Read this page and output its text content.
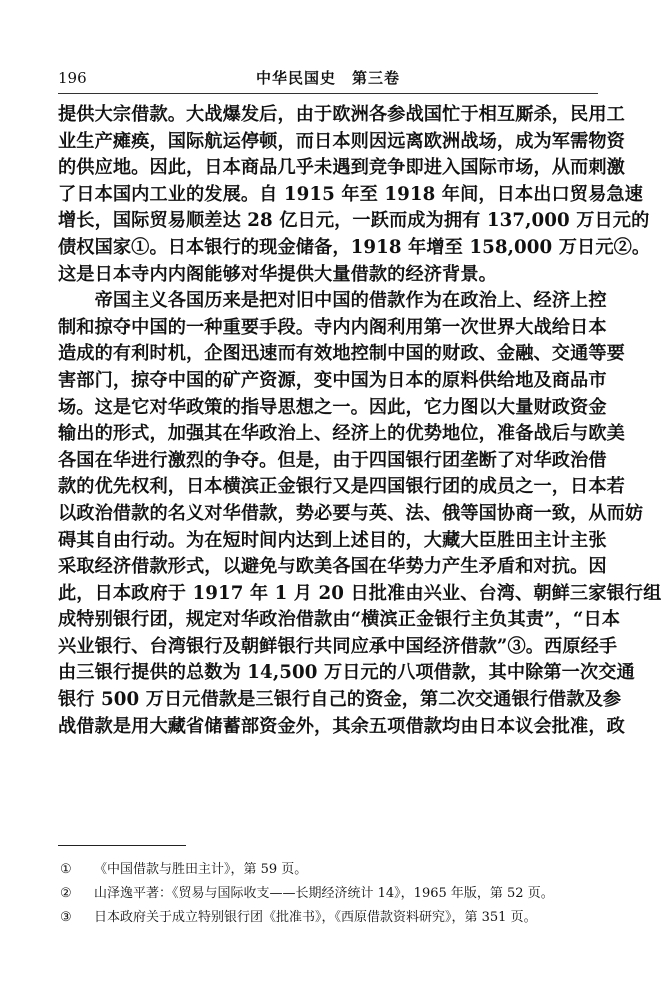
196	中华民国史　第三卷
提供大宗借款。大战爆发后，由于欧洲各参战国忙于相互厮杀，民用工
业生产瘫痪，国际航运停顿，而日本则因远离欧洲战场，成为军需物资
的供应地。因此，日本商品几乎未遇到竞争即进入国际市场，从而刺激
了日本国内工业的发展。自 1915 年至 1918 年间，日本出口贸易急速
增长，国际贸易顺差达 28 亿日元，一跃而成为拥有 137,000 万日元的
债权国家①。日本银行的现金储备，1918 年增至 158,000 万日元②。
这是日本寺内内阁能够对华提供大量借款的经济背景。
　　帝国主义各国历来是把对旧中国的借款作为在政治上、经济上控
制和掠夺中国的一种重要手段。寺内内阁利用第一次世界大战给日本
造成的有利时机，企图迅速而有效地控制中国的财政、金融、交通等要
害部门，掠夺中国的矿产资源，变中国为日本的原料供给地及商品市
场。这是它对华政策的指导思想之一。因此，它力图以大量财政资金
输出的形式，加强其在华政治上、经济上的优势地位，准备战后与欧美
各国在华进行激烈的争夺。但是，由于四国银行团垄断了对华政治借
款的优先权利，日本横滨正金银行又是四国银行团的成员之一，日本若
以政治借款的名义对华借款，势必要与英、法、俄等国协商一致，从而妨
碍其自由行动。为在短时间内达到上述目的，大藏大臣胜田主计主张
采取经济借款形式，以避免与欧美各国在华势力产生矛盾和对抗。因
此，日本政府于 1917 年 1 月 20 日批准由兴业、台湾、朝鲜三家银行组
成特别银行团，规定对华政治借款由“横滨正金银行主负其责”，“日本
兴业银行、台湾银行及朝鲜银行共同应承中国经济借款”③。西原经手
由三银行提供的总数为 14,500 万日元的八项借款，其中除第一次交通
银行 500 万日元借款是三银行自己的资金，第二次交通银行借款及参
战借款是用大藏省储蓄部资金外，其余五项借款均由日本议会批准，政
① 《中国借款与胜田主计》，第 59 页。
② 山泽逸平著：《贸易与国际收支——长期经济统计 14》，1965 年版，第 52 页。
③ 日本政府关于成立特别银行团《批准书》，《西原借款资料研究》，第 351 页。
